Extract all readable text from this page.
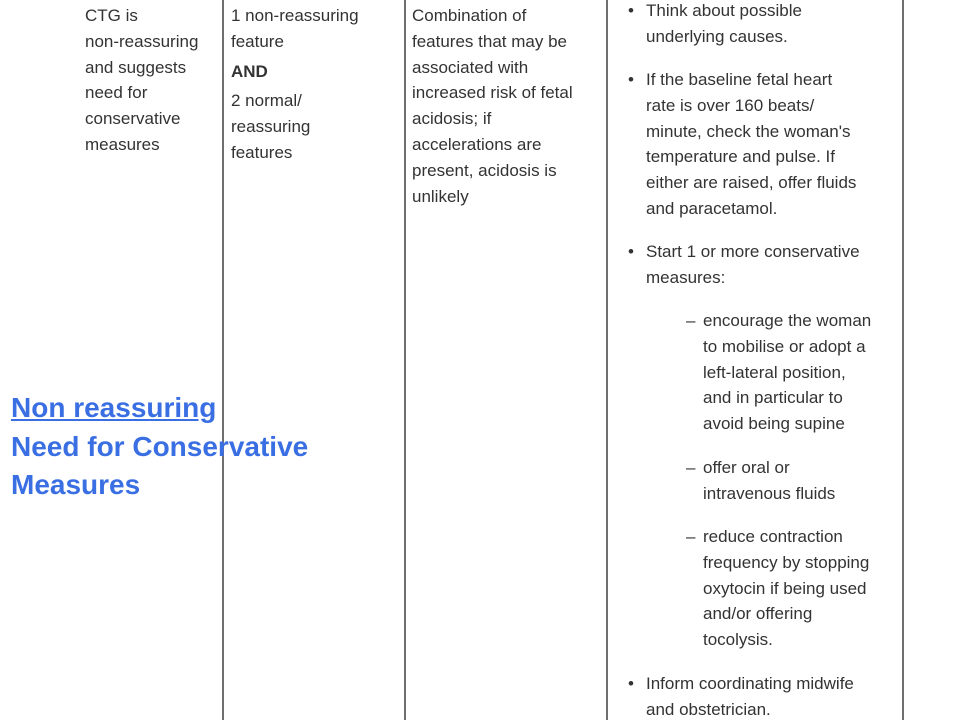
CTG is
non-reassuring
and suggests
need for
conservative
measures
1 non-reassuring
feature
AND
2 normal/
reassuring
features
Combination of
features that may be
associated with
increased risk of fetal
acidosis; if
accelerations are
present, acidosis is
unlikely
• Think about possible
underlying causes.
• If the baseline fetal heart
rate is over 160 beats/
minute, check the woman's
temperature and pulse. If
either are raised, offer fluids
and paracetamol.
• Start 1 or more conservative
measures:
– encourage the woman
to mobilise or adopt a
left-lateral position,
and in particular to
avoid being supine
– offer oral or
intravenous fluids
– reduce contraction
frequency by stopping
oxytocin if being used
and/or offering
tocolysis.
• Inform coordinating midwife
and obstetrician.
Non reassuring
Need for Conservative
Measures
